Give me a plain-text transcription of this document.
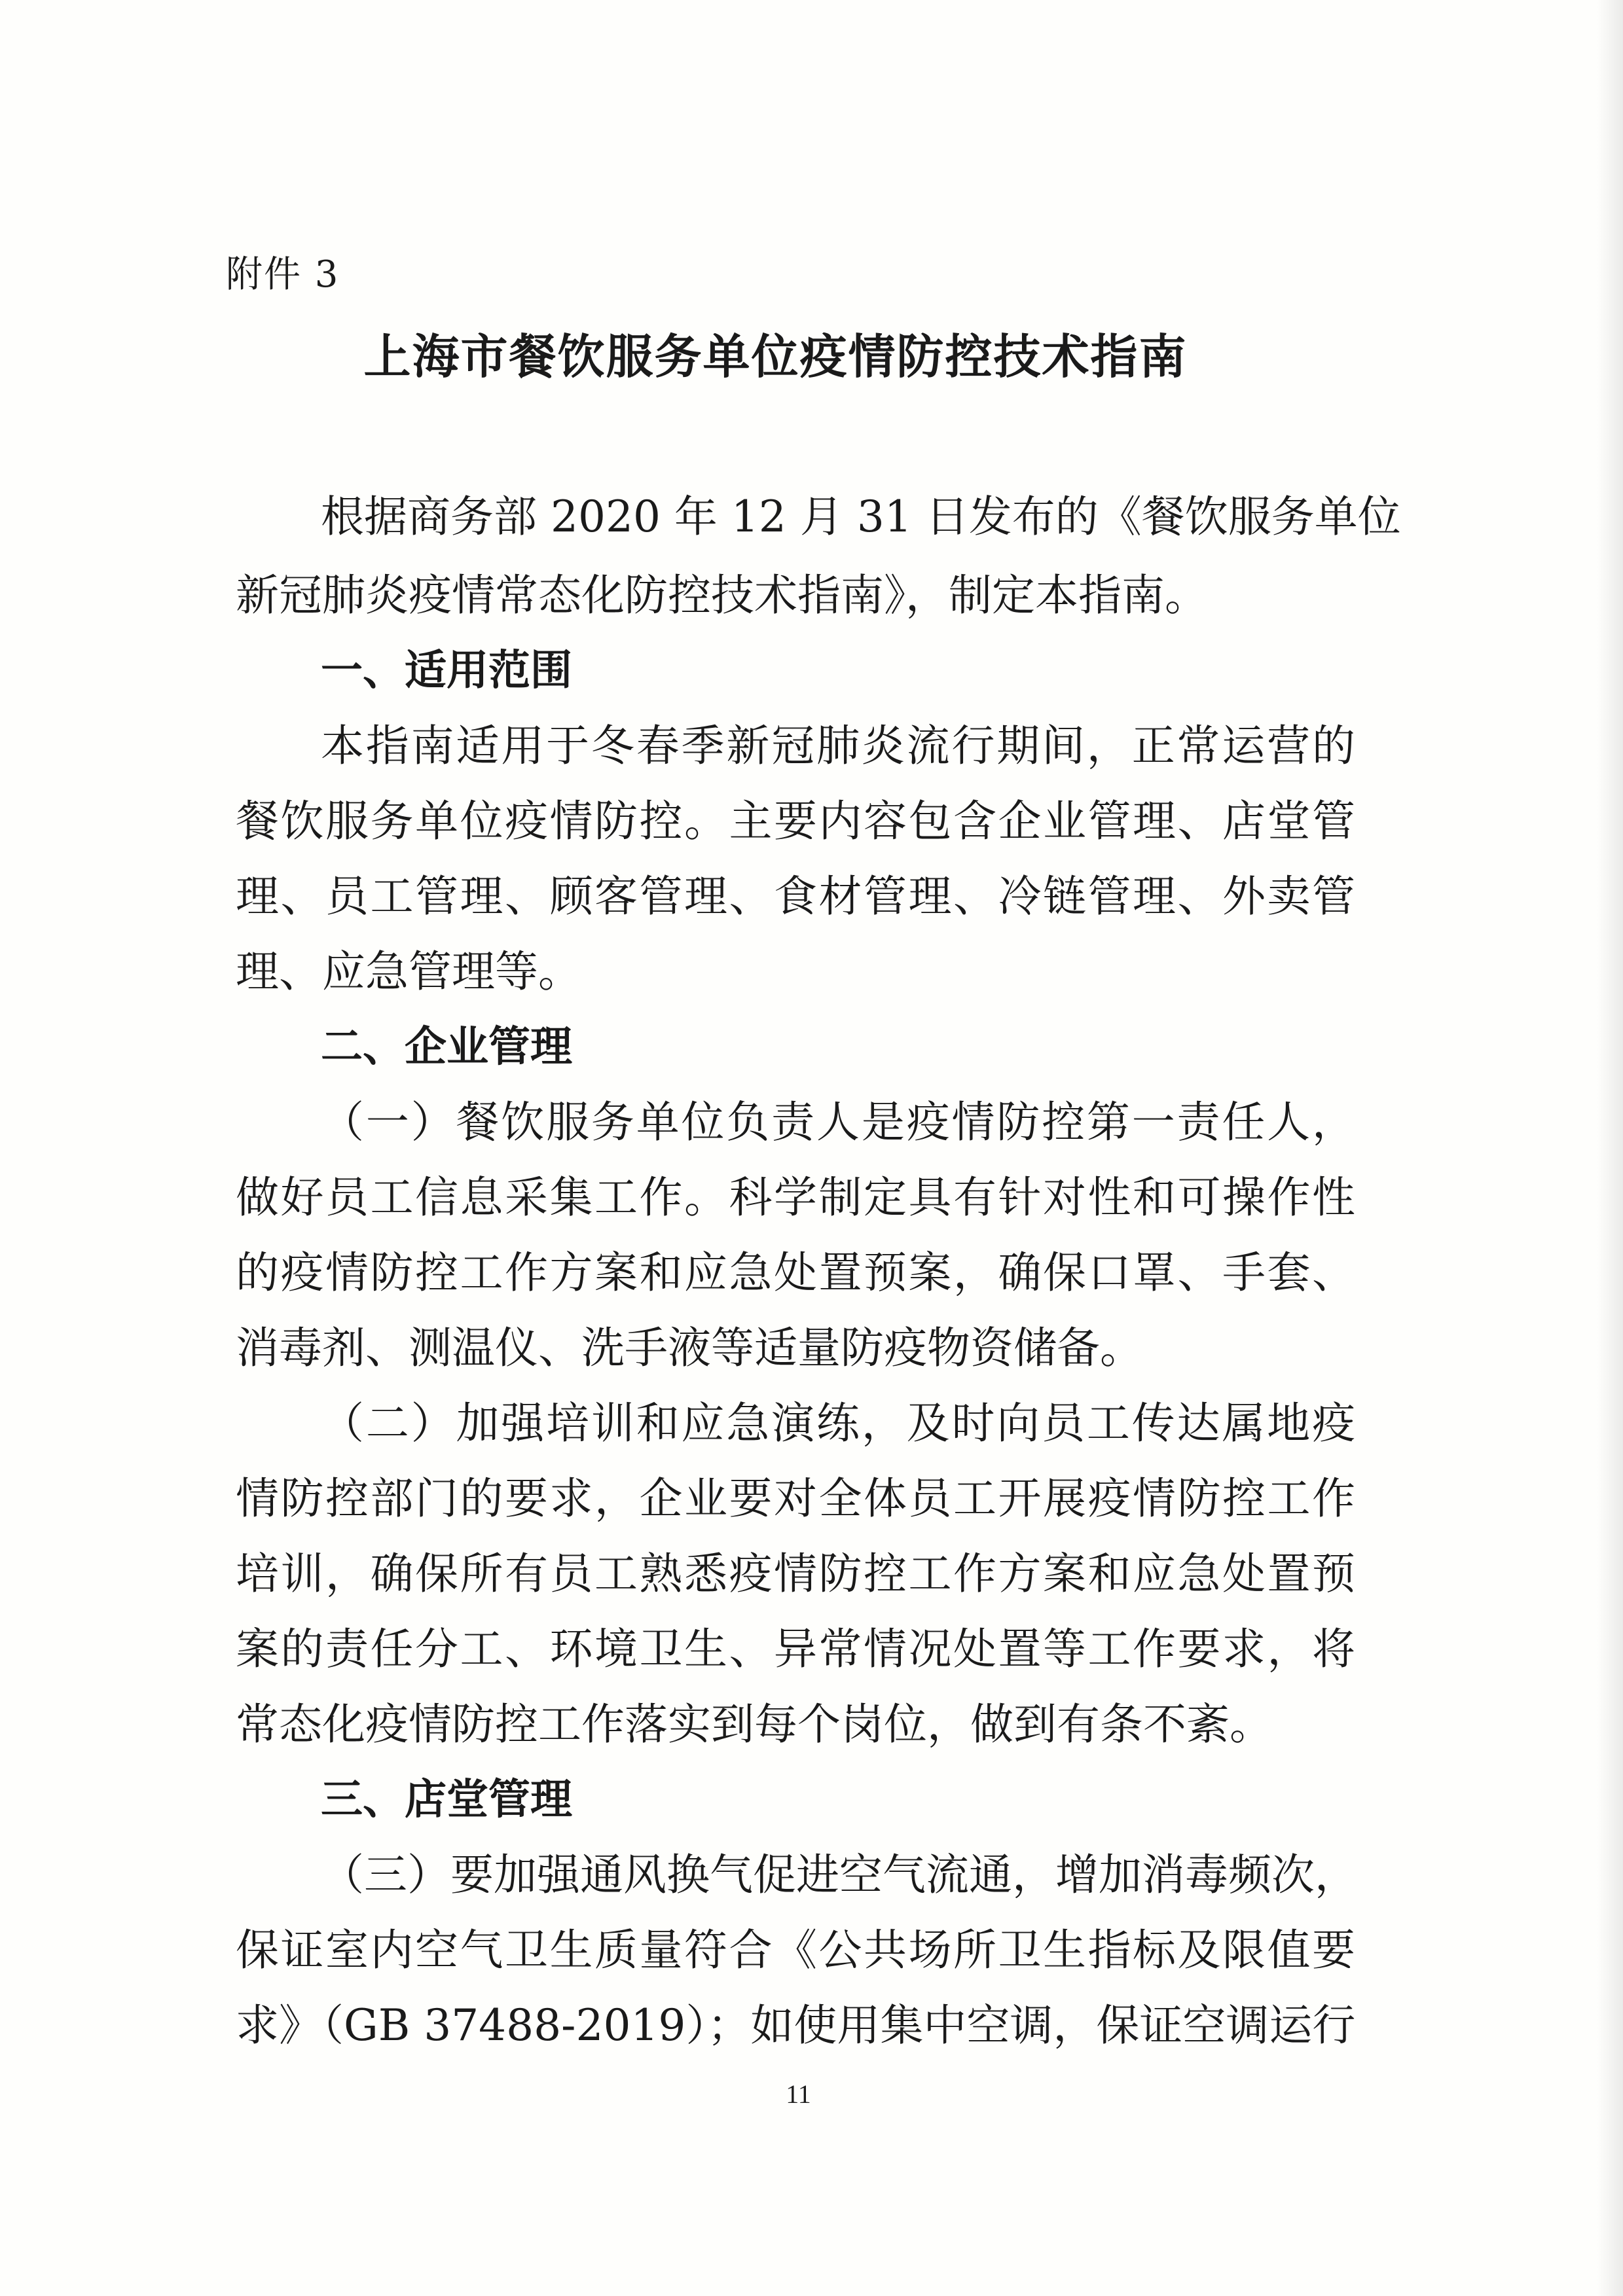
附件 3
上海市餐饮服务单位疫情防控技术指南
根据商务部 2020 年 12 月 31 日发布的《餐饮服务单位
新冠肺炎疫情常态化防控技术指南》，制定本指南。
一、适用范围
本指南适用于冬春季新冠肺炎流行期间，正常运营的
餐饮服务单位疫情防控。主要内容包含企业管理、店堂管
理、员工管理、顾客管理、食材管理、冷链管理、外卖管
理、应急管理等。
二、企业管理
（一）餐饮服务单位负责人是疫情防控第一责任人，
做好员工信息采集工作。科学制定具有针对性和可操作性
的疫情防控工作方案和应急处置预案，确保口罩、手套、
消毒剂、测温仪、洗手液等适量防疫物资储备。
（二）加强培训和应急演练，及时向员工传达属地疫
情防控部门的要求，企业要对全体员工开展疫情防控工作
培训，确保所有员工熟悉疫情防控工作方案和应急处置预
案的责任分工、环境卫生、异常情况处置等工作要求，将
常态化疫情防控工作落实到每个岗位，做到有条不紊。
三、店堂管理
（三）要加强通风换气促进空气流通，增加消毒频次，
保证室内空气卫生质量符合《公共场所卫生指标及限值要
求》（GB 37488-2019）；如使用集中空调，保证空调运行
11
